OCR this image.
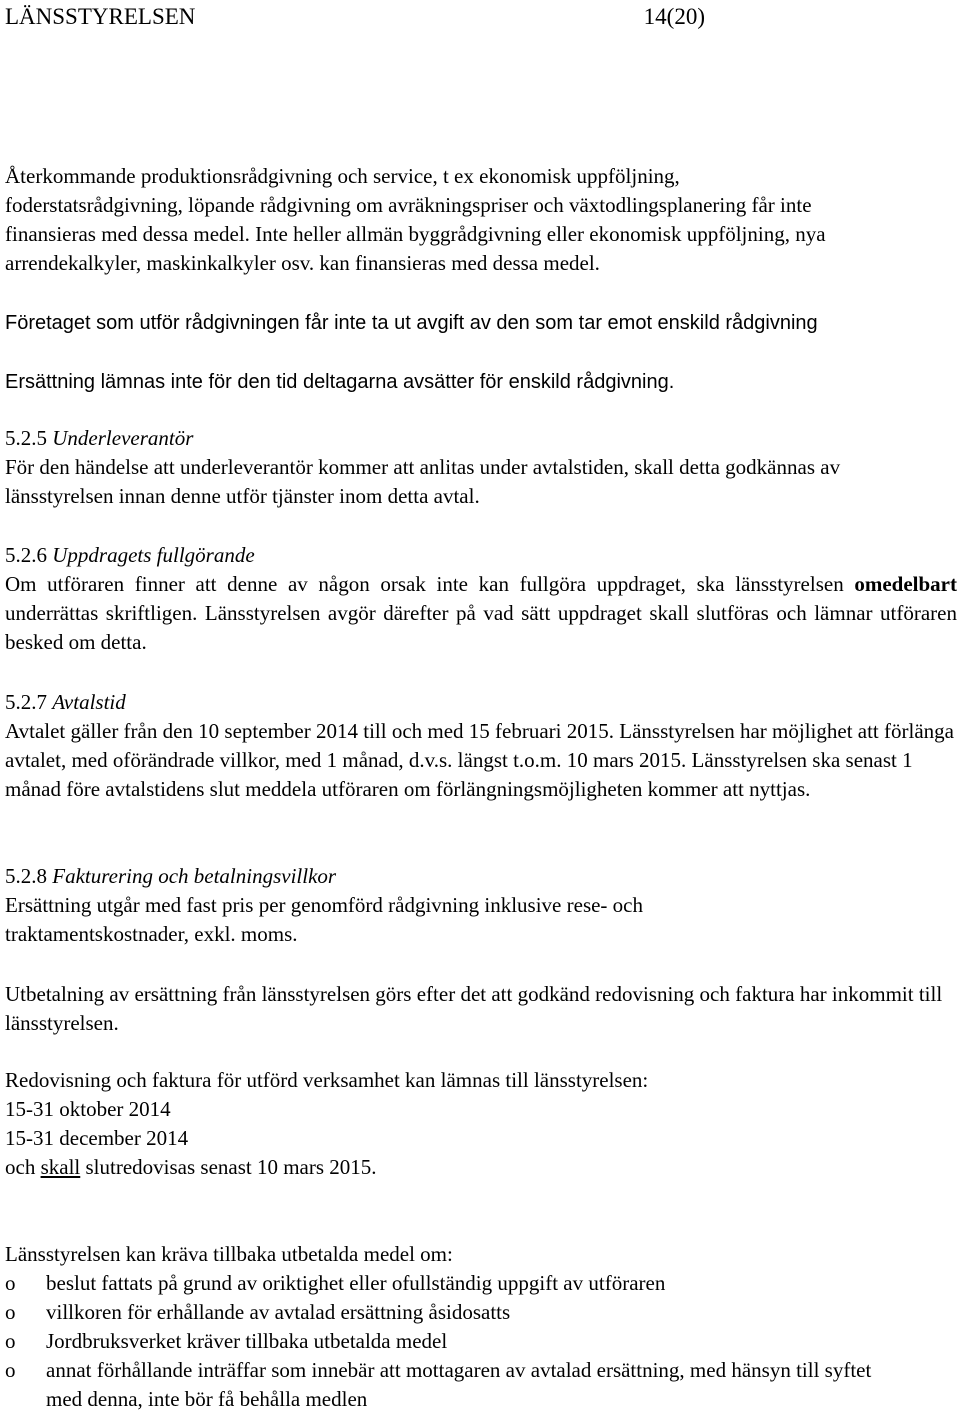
LÄNSSTYRELSEN	14(20)
Återkommande produktionsrådgivning och service, t ex ekonomisk uppföljning, foderstatsrådgivning, löpande rådgivning om avräkningspriser och växtodlingsplanering får inte finansieras med dessa medel. Inte heller allmän byggrådgivning eller ekonomisk uppföljning, nya arrendekalkyler, maskinkalkyler osv. kan finansieras med dessa medel.
Företaget som utför rådgivningen får inte ta ut avgift av den som tar emot enskild rådgivning
Ersättning lämnas inte för den tid deltagarna avsätter för enskild rådgivning.
5.2.5 Underleverantör
För den händelse att underleverantör kommer att anlitas under avtalstiden, skall detta godkännas av länsstyrelsen innan denne utför tjänster inom detta avtal.
5.2.6 Uppdragets fullgörande
Om utföraren finner att denne av någon orsak inte kan fullgöra uppdraget, ska länsstyrelsen omedelbart underrättas skriftligen. Länsstyrelsen avgör därefter på vad sätt uppdraget skall slutföras och lämnar utföraren besked om detta.
5.2.7 Avtalstid
Avtalet gäller från den 10 september 2014 till och med 15 februari 2015. Länsstyrelsen har möjlighet att förlänga avtalet, med oförändrade villkor, med 1 månad, d.v.s. längst t.o.m. 10 mars 2015. Länsstyrelsen ska senast 1 månad före avtalstidens slut meddela utföraren om förlängningsmöjligheten kommer att nyttjas.
5.2.8 Fakturering och betalningsvillkor
Ersättning utgår med fast pris per genomförd rådgivning inklusive rese- och traktamentskostnader, exkl. moms.
Utbetalning av ersättning från länsstyrelsen görs efter det att godkänd redovisning och faktura har inkommit till länsstyrelsen.
Redovisning och faktura för utförd verksamhet kan lämnas till länsstyrelsen:
15-31 oktober 2014
15-31 december 2014
och skall slutredovisas senast 10 mars 2015.
Länsstyrelsen kan kräva tillbaka utbetalda medel om:
o beslut fattats på grund av oriktighet eller ofullständig uppgift av utföraren
o villkoren för erhållande av avtalad ersättning åsidosatts
o Jordbruksverket kräver tillbaka utbetalda medel
o annat förhållande inträffar som innebär att mottagaren av avtalad ersättning, med hänsyn till syftet med denna, inte bör få behålla medlen
